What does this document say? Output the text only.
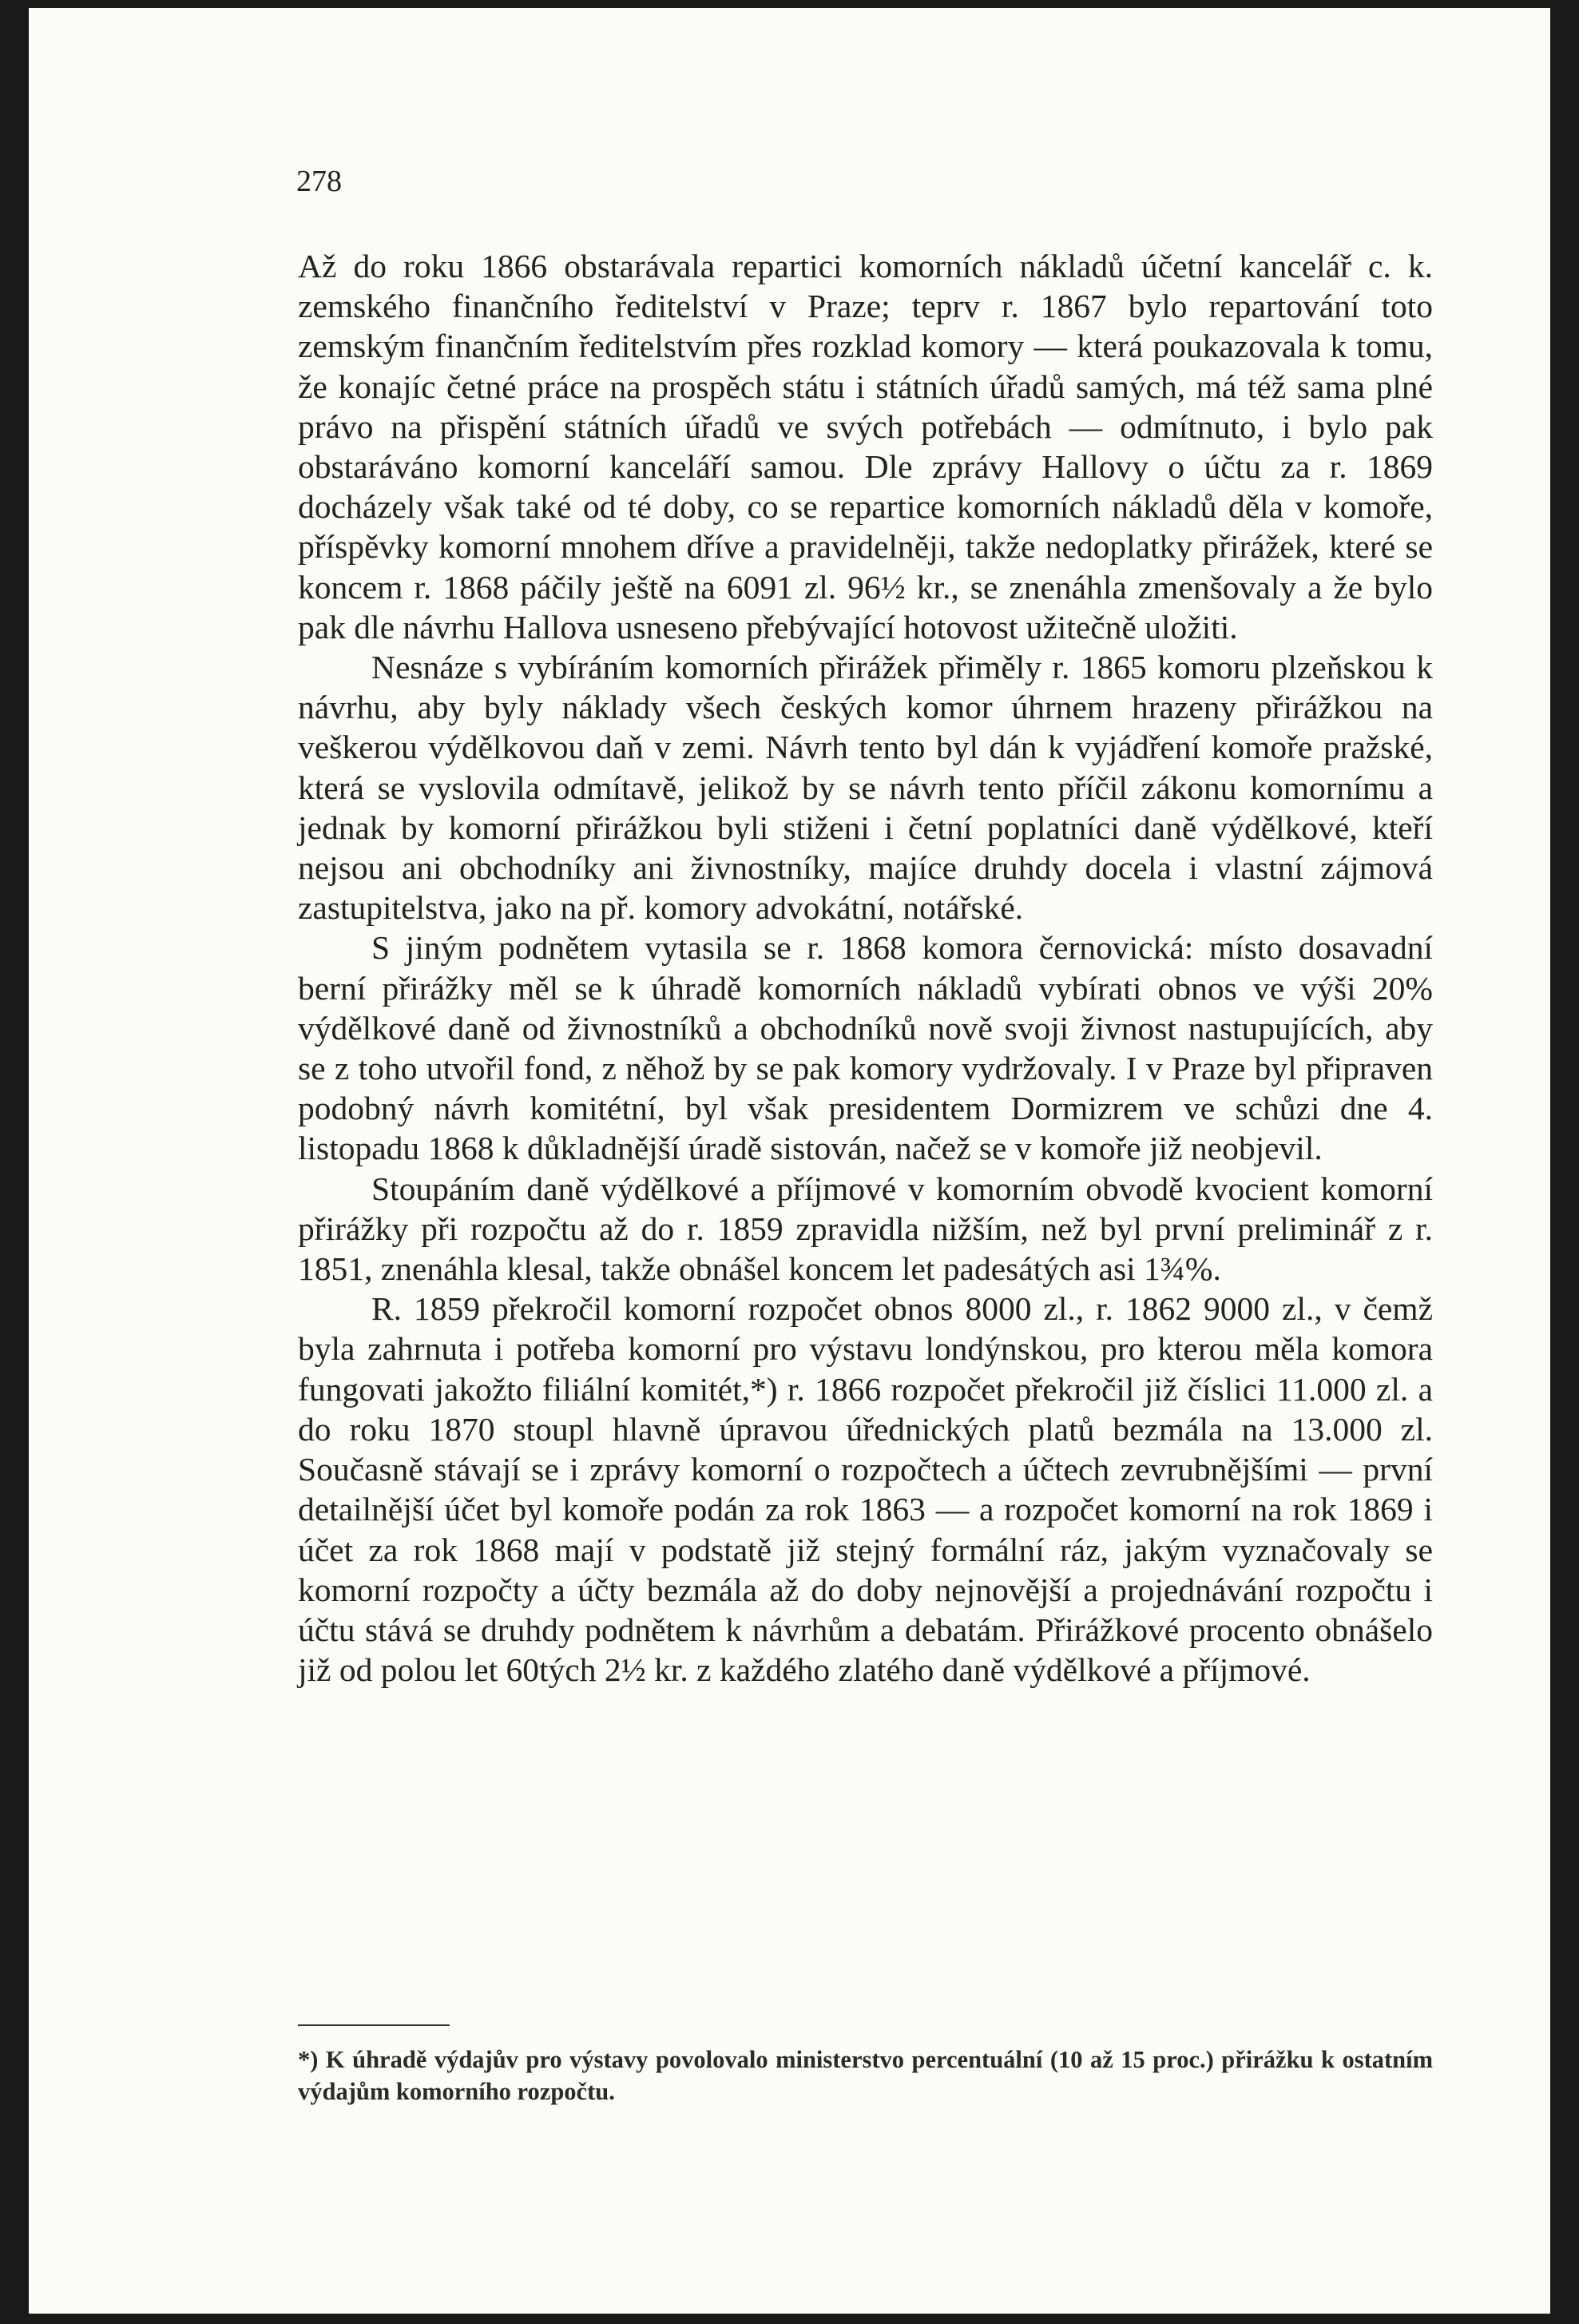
278

Až do roku 1866 obstarávala repartici komorních nákladů účetní kancelář c. k. zemského finančního ředitelství v Praze; teprv r. 1867 bylo repartování toto zemským finančním ředitelstvím přes rozklad komory — která poukazovala k tomu, že konajíc četné práce na prospěch státu i státních úřadů samých, má též sama plné právo na přispění státních úřadů ve svých potřebách — odmítnuto, i bylo pak obstaráváno komorní kanceláří samou. Dle zprávy Hallovy o účtu za r. 1869 docházely však také od té doby, co se repartice komorních nákladů děla v komoře, příspěvky komorní mnohem dříve a pravidelněji, takže nedoplatky přirážek, které se koncem r. 1868 páčily ještě na 6091 zl. 96½ kr., se znenáhla zmenšovaly a že bylo pak dle návrhu Hallova usneseno přebývající hotovost užitečně uložiti.

Nesnáze s vybíráním komorních přirážek přiměly r. 1865 komoru plzeňskou k návrhu, aby byly náklady všech českých komor úhrnem hrazeny přirážkou na veškerou výdělkovou daň v zemi. Návrh tento byl dán k vyjádření komoře pražské, která se vyslovila odmítavě, jelikož by se návrh tento příčil zákonu komornímu a jednak by komorní přirážkou byli stiženi i četní poplatníci daně výdělkové, kteří nejsou ani obchodníky ani živnostníky, majíce druhdy docela i vlastní zájmová zastupitelstva, jako na př. komory advokátní, notářské.

S jiným podnětem vytasila se r. 1868 komora černovická: místo dosavadní berní přirážky měl se k úhradě komorních nákladů vybírati obnos ve výši 20% výdělkové daně od živnostníků a obchodníků nově svoji živnost nastupujících, aby se z toho utvořil fond, z něhož by se pak komory vydržovaly. I v Praze byl připraven podobný návrh komitétní, byl však presidentem Dormizrem ve schůzi dne 4. listopadu 1868 k důkladnější úradě sistován, načež se v komoře již neobjevil.

Stoupáním daně výdělkové a příjmové v komorním obvodě kvocient komorní přirážky při rozpočtu až do r. 1859 zpravidla nižším, než byl první preliminář z r. 1851, znenáhla klesal, takže obnášel koncem let padesátých asi 1¾%.

R. 1859 překročil komorní rozpočet obnos 8000 zl., r. 1862 9000 zl., v čemž byla zahrnuta i potřeba komorní pro výstavu londýnskou, pro kterou měla komora fungovati jakožto filiální komitét,*) r. 1866 rozpočet překročil již číslici 11.000 zl. a do roku 1870 stoupl hlavně úpravou úřednických platů bezmála na 13.000 zl. Současně stávají se i zprávy komorní o rozpočtech a účtech zevrubnějšími — první detailnější účet byl komoře podán za rok 1863 — a rozpočet komorní na rok 1869 i účet za rok 1868 mají v podstatě již stejný formální ráz, jakým vyznačovaly se komorní rozpočty a účty bezmála až do doby nejnovější a projednávání rozpočtu i účtu stává se druhdy podnětem k návrhům a debatám. Přirážkové procento obnášelo již od polou let 60tých 2½ kr. z každého zlatého daně výdělkové a příjmové.

*) K úhradě výdajův pro výstavy povolovalo ministerstvo percentuální (10 až 15 proc.) přirážku k ostatním výdajům komorního rozpočtu.
